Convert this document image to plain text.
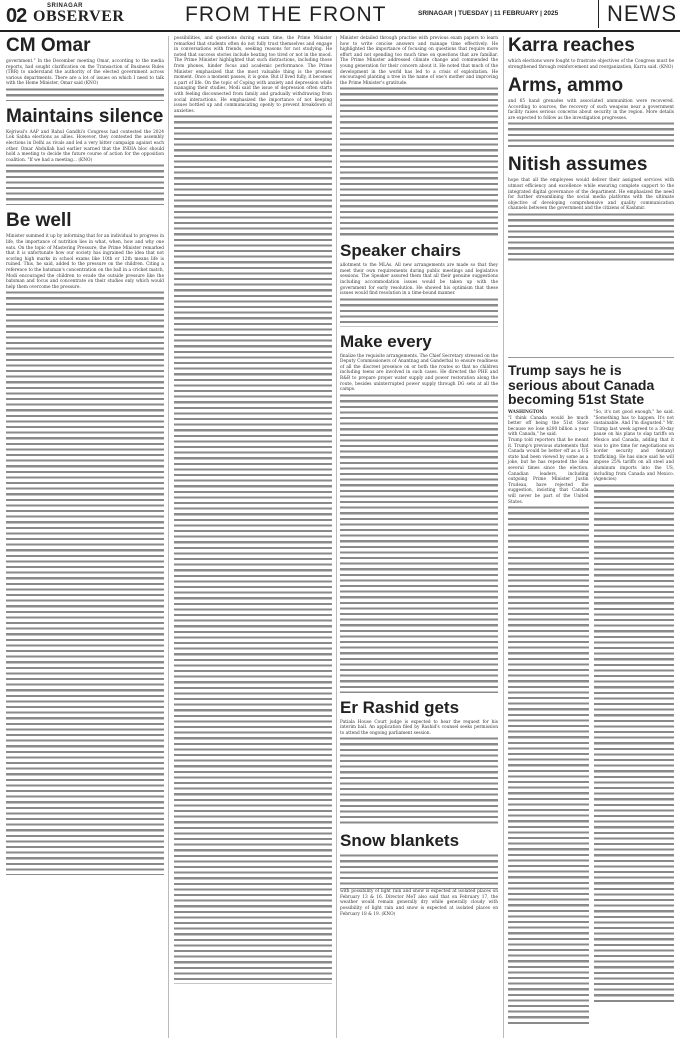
02	SRINAGAR
OBSERVER	FROM THE FRONT	SRINAGAR | TUESDAY | 11 FEBRUARY | 2025	NEWS
CM Omar

government." In the December meeting Omar, according to the media reports, had sought clarification on the Transaction of Business Rules (TBR) to understand the authority of the elected government across various departments. There are a lot of issues on which I need to talk with the Home Minister, Omar said (KNO)

Maintains silence

Kejriwal's AAP and Rahul Gandhi's Congress had contested the 2024 Lok Sabha elections as allies. However, they contested the assembly elections in Delhi as rivals and led a very bitter campaign against each other. Omar Abdullah had earlier warned that the INDIA bloc should hold a meeting to decide the future course of action for the opposition coalition. "If we had a meeting... (KNO)

Be well

Minister summed it up by informing that for an individual to progress in life, the importance of nutrition lies in what, when, how and why one eats. On the topic of Mastering Pressure, the Prime Minister remarked that it is unfortunate how our society has ingrained the idea that not scoring high marks in school exams like 10th or 12th means life is ruined. This, he said, added to the pressure on the children. Citing a reference to the batsman's concentration on the ball in a cricket match, Modi encouraged the children to evade the outside pressure like the batsman and focus and concentrate on their studies only which would help them overcome the pressure.

possibilities, and questions during exam time, the Prime Minister remarked that students often do not fully trust themselves and engage in conversations with friends, seeking reasons for not studying. He noted that success stories include beating too tired or not in the mood. The Prime Minister highlighted that such distractions, including those from phones, hinder focus and academic performance. The Prime Minister emphasized that the most valuable thing is the present moment. Once a moment passes, it is gone. But if lived fully, it becomes a part of life. On the topic of Coping with anxiety and depression while managing their studies, Modi said the issue of depression often starts with feeling disconnected from family and gradually withdrawing from social interactions. He emphasized the importance of not keeping issues bottled up and communicating openly to prevent breakdown of anxieties.

Minister detailed through practise with previous exam papers to learn how to write concise answers and manage time effectively. He highlighted the importance of focusing on questions that require more effort and not spending too much time on questions that are familiar. The Prime Minister addressed climate change and commended the young generation for their concern about it. He noted that much of the development in the world has led to a crisis of exploitation. He encouraged planting a tree in the name of one's mother and improving the Prime Minister's gratitude.

Speaker chairs

allotment to the MLAs. All new arrangements are made so that they meet their own requirements during public meetings and legislative sessions. The Speaker assured them that all their genuine suggestions including accommodation issues would be taken up with the government for early resolution. He showed his optimism that these issues would find resolution in a time-bound manner.

Make every

finalize the requisite arrangements. The Chief Secretary stressed on the Deputy Commissioners of Anantnag and Ganderbal to ensure readiness of all the discreet presence on or both the routes so that no children including teens are involved in such cases. He directed the PHE and R&B to prepare proper water supply and power restoration along the route, besides uninterrupted power supply through DG sets at all the camps.

Er Rashid gets

Patiala House Court judge is expected to hear the request for his interim bail. An application filed by Rashid's counsel seeks permission to attend the ongoing parliament session.

Snow blankets

with possibility of light rain and snow is expected at isolated places on February 13 & 16. Director MeT also said that on February 17, the weather would remain generally dry while generally cloudy with possibility of light rain and snow is expected at isolated places on February 18 & 19. (KNO)

Karra reaches

which elections were fought to frustrate objectives of the Congress must be strengthened through reinforcement and reorganization, Karra said. (KNO)

Arms, ammo

and 65 hand grenades with associated ammunition were recovered. According to sources, the recovery of such weapons near a government facility raises serious concerns about security in the region. More details are expected to follow as the investigation progresses.

Nitish assumes

hope that all the employees would deliver their assigned services with utmost efficiency and excellence while ensuring complete support to the integrated digital governance of the department. He emphasized the need for further streamlining the social media platforms with the ultimate objective of developing comprehensive and quality communication channels between the government and the citizens of Kashmir.

Trump says he is serious about Canada becoming 51st State

WASHINGTON

"I think Canada would be much better off being the 51st State because we lose $200 billion a year with Canada," he said.

Trump told reporters that he meant it. Trump's previous statements that Canada would be better off as a US state had been viewed by some as a joke, but he has repeated the idea several times since the election. Canadian leaders, including outgoing Prime Minister Justin Trudeau, have rejected the suggestion, insisting that Canada will never be part of the United States.

"So, it's not good enough," he said. "Something has to happen. It's not sustainable. And I'm disgusted." Mr. Trump last week agreed to a 30-day pause on his plans to slap tariffs on Mexico and Canada, adding that it was to give time for negotiations on border security and fentanyl trafficking. He has since said he will impose 25% tariffs on all steel and aluminum imports into the US, including from Canada and Mexico. (Agencies)
